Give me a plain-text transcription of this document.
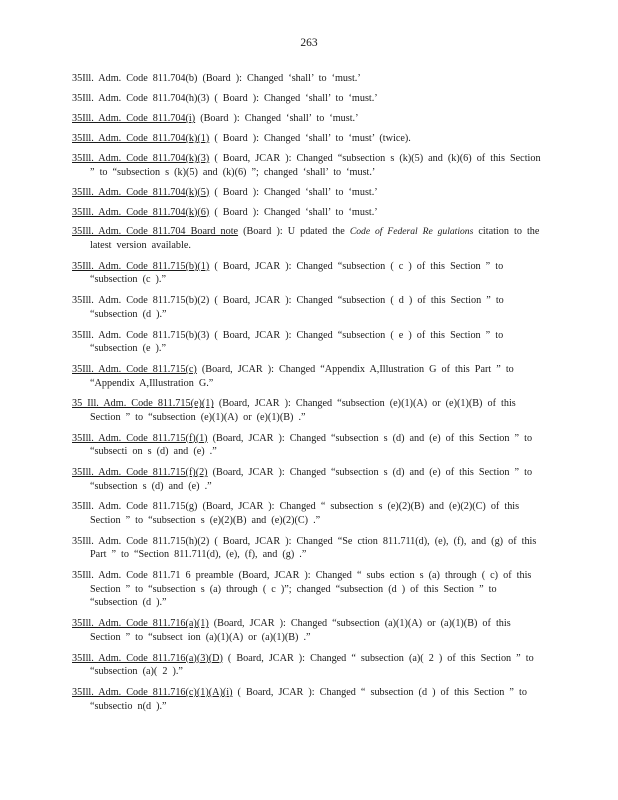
263

35Ill. Adm. Code 811.704(b) (Board ): Changed ‘shall’ to ‘must.’

35Ill. Adm. Code 811.704(h)(3) ( Board ): Changed ‘shall’ to ‘must.’

35Ill. Adm. Code 811.704(i) (Board ): Changed ‘shall’ to ‘must.’

35Ill. Adm. Code 811.704(k)(1) ( Board ): Changed ‘shall’ to ‘must’ (twice).

35Ill. Adm. Code 811.704(k)(3) ( Board, JCAR ): Changed “subsection s (k)(5) and (k)(6) of this Section ” to “subsection s (k)(5) and (k)(6) ”; changed ‘shall’ to ‘must.’

35Ill. Adm. Code 811.704(k)(5) ( Board ): Changed ‘shall’ to ‘must.’

35Ill. Adm. Code 811.704(k)(6) ( Board ): Changed ‘shall’ to ‘must.’

35Ill. Adm. Code 811.704 Board note (Board ): U pdated the Code of Federal Re gulations citation to the latest version available.

35Ill. Adm. Code 811.715(b)(1) ( Board, JCAR ): Changed “subsection ( c ) of this Section ” to “subsection (c ).”

35Ill. Adm. Code 811.715(b)(2) ( Board, JCAR ): Changed “subsection ( d ) of this Section ” to “subsection (d ).”

35Ill. Adm. Code 811.715(b)(3) ( Board, JCAR ): Changed “subsection ( e ) of this Section ” to “subsection (e ).”

35Ill. Adm. Code 811.715(c) (Board, JCAR ): Changed “Appendix A,Illustration G of this Part ” to “Appendix A,Illustration G.”

35 Ill. Adm. Code 811.715(e)(1) (Board, JCAR ): Changed “subsection (e)(1)(A) or (e)(1)(B) of this Section ” to “subsection (e)(1)(A) or (e)(1)(B) .”

35Ill. Adm. Code 811.715(f)(1) (Board, JCAR ): Changed “subsection s (d) and (e) of this Section ” to “subsecti on s (d) and (e) .”

35Ill. Adm. Code 811.715(f)(2) (Board, JCAR ): Changed “subsection s (d) and (e) of this Section ” to “subsection s (d) and (e) .”

35Ill. Adm. Code 811.715(g) (Board, JCAR ): Changed “ subsection s (e)(2)(B) and (e)(2)(C) of this Section ” to “subsection s (e)(2)(B) and (e)(2)(C) .”

35Ill. Adm. Code 811.715(h)(2) ( Board, JCAR ): Changed “Se ction 811.711(d), (e), (f), and (g) of this Part ” to “Section 811.711(d), (e), (f), and (g) .”

35Ill. Adm. Code 811.71 6 preamble (Board, JCAR ): Changed “ subs ection s (a) through ( c) of this Section ” to “subsection s (a) through ( c )”; changed “subsection (d ) of this Section ” to “subsection (d ).”

35Ill. Adm. Code 811.716(a)(1) (Board, JCAR ): Changed “subsection (a)(1)(A) or (a)(1)(B) of this Section ” to “subsect ion (a)(1)(A) or (a)(1)(B) .”

35Ill. Adm. Code 811.716(a)(3)(D) ( Board, JCAR ): Changed “ subsection (a)( 2 ) of this Section ” to “subsection (a)( 2 ).”

35Ill. Adm. Code 811.716(c)(1)(A)(i) ( Board, JCAR ): Changed “ subsection (d ) of this Section ” to “subsectio n(d ).”
